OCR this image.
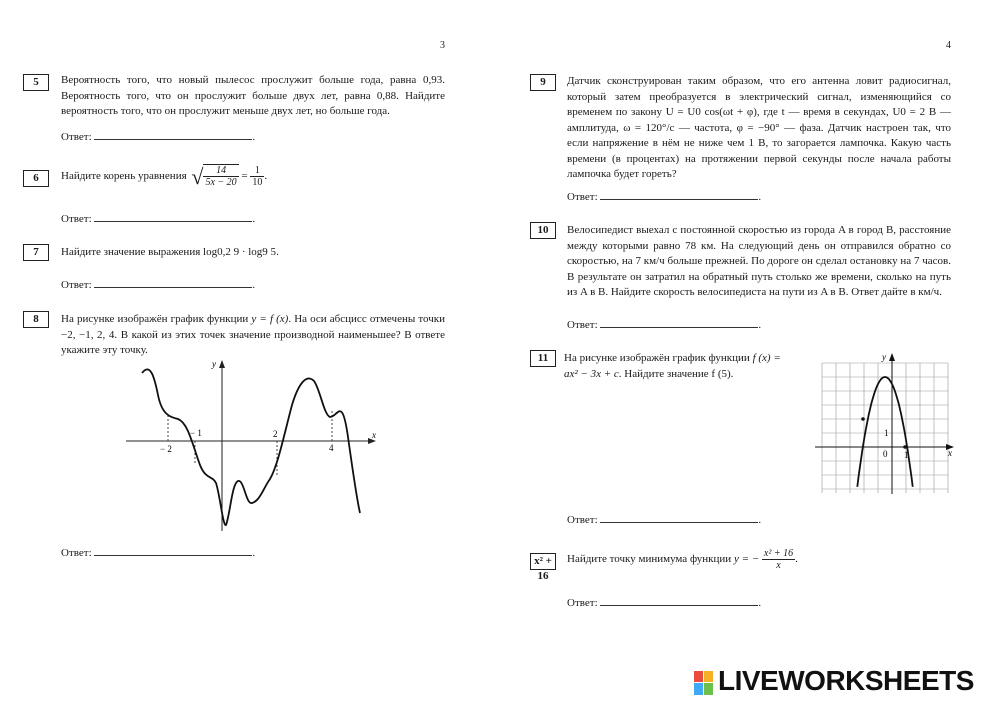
3	4
5	Вероятность того, что новый пылесос прослужит больше года, равна 0,93. Вероятность того, что он прослужит больше двух лет, равна 0,88. Найдите вероятность того, что он прослужит меньше двух лет, но больше года.
Ответ:	.
6	Найдите корень уравнения √ $\frac{14}{5x - 20} = \frac{1}{10}$ .
Ответ:	.
7	Найдите значение выражения log0,2 9 · log9 5.
Ответ:	.
8	На рисунке изображён график функции y = f (x). На оси абсцисс отмечены точки −2, −1, 2, 4. В какой из этих точек значение производной наименьшее? В ответе укажите эту точку.
y
x
− 2
− 1	2
4
Ответ:	.
9	Датчик сконструирован таким образом, что его антенна ловит радиосигнал, который затем преобразуется в электрический сигнал, изменяющийся со временем по закону U = U0 cos(ωt + φ), где t — время в секундах, U0 = 2 В — амплитуда, ω = 120°/с — частота, φ = −90° — фаза. Датчик настроен так, что если напряжение в нём не ниже чем 1 В, то загорается лампочка. Какую часть времени (в процентах) на протяжении первой секунды после начала работы лампочка будет гореть?
Ответ:	.
10	Велосипедист выехал с постоянной скоростью из города A в город B, расстояние между которыми равно 78 км. На следующий день он отправился обратно со скоростью, на 7 км/ч больше прежней. По дороге он сделал остановку на 7 часов. В результате он затратил на обратный путь столько же времени, сколько на путь из A в B. Найдите скорость велосипедиста на пути из A в B. Ответ дайте в км/ч.
Ответ:	.
11	На рисунке изображён график функции f (x) = ax² − 3x + c. Найдите значение f (5).
y
x
0 1
1
Ответ:	.
x² + 16
Найдите точку минимума функции y = − $\frac{\text{x² + 16}}{x}$ .
Ответ:	.
LIVEWORKSHEETS
